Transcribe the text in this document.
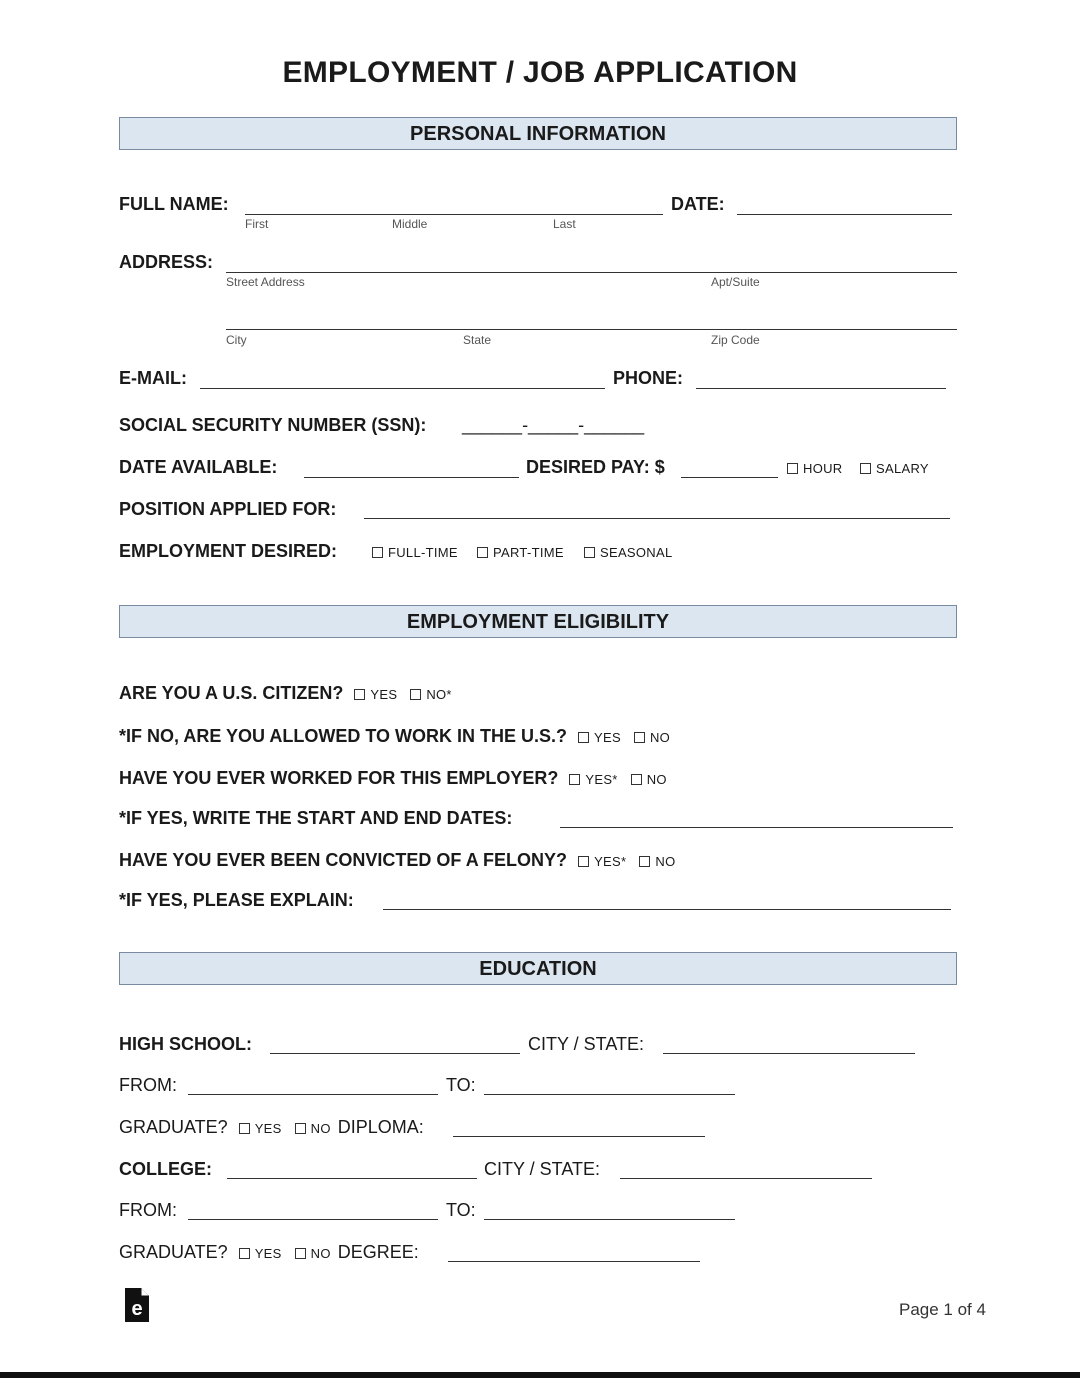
EMPLOYMENT / JOB APPLICATION
PERSONAL INFORMATION
FULL NAME:
First	Middle	Last
DATE:
ADDRESS:
Street Address	Apt/Suite
City	State	Zip Code
E-MAIL:	PHONE:
SOCIAL SECURITY NUMBER (SSN): ______-_____-______
DATE AVAILABLE:	DESIRED PAY: $	HOUR	SALARY
POSITION APPLIED FOR:
EMPLOYMENT DESIRED:	FULL-TIME	PART-TIME	SEASONAL
EMPLOYMENT ELIGIBILITY
ARE YOU A U.S. CITIZEN? YES NO*
*IF NO, ARE YOU ALLOWED TO WORK IN THE U.S.? YES NO
HAVE YOU EVER WORKED FOR THIS EMPLOYER? YES* NO
*IF YES, WRITE THE START AND END DATES:
HAVE YOU EVER BEEN CONVICTED OF A FELONY? YES* NO
*IF YES, PLEASE EXPLAIN:
EDUCATION
HIGH SCHOOL:	CITY / STATE:
FROM:	TO:
GRADUATE? YES NO DIPLOMA:
COLLEGE:	CITY / STATE:
FROM:	TO:
GRADUATE? YES NO DEGREE:
e	Page 1 of 4
